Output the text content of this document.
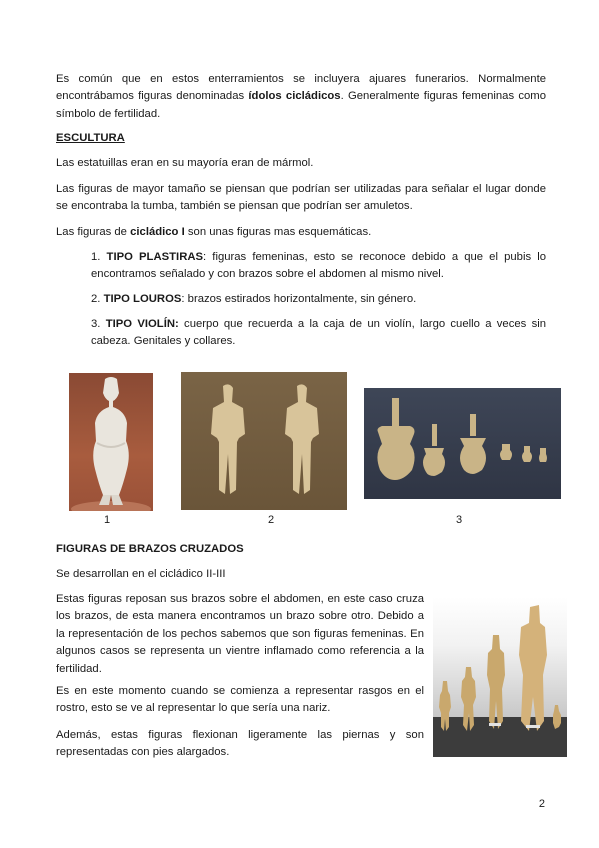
Es común que en estos enterramientos se incluyera ajuares funerarios. Normalmente encontrábamos figuras denominadas ídolos cicládicos. Generalmente figuras femeninas como símbolo de fertilidad.
ESCULTURA
Las estatuillas eran en su mayoría eran de mármol.
Las figuras de mayor tamaño se piensan que podrían ser utilizadas para señalar el lugar donde se encontraba la tumba, también se piensan que podrían ser amuletos.
Las figuras de cicládico I son unas figuras mas esquemáticas.
1. TIPO PLASTIRAS: figuras femeninas, esto se reconoce debido a que el pubis lo encontramos señalado y con brazos sobre el abdomen al mismo nivel.
2. TIPO LOUROS: brazos estirados horizontalmente, sin género.
3. TIPO VIOLÍN: cuerpo que recuerda a la caja de un violín, largo cuello a veces sin cabeza. Genitales y collares.
1	2	3
FIGURAS DE BRAZOS CRUZADOS
Se desarrollan en el cicládico II-III
Estas figuras reposan sus brazos sobre el abdomen, en este caso cruza los brazos, de esta manera encontramos un brazo sobre otro. Debido a la representación de los pechos sabemos que son figuras femeninas. En algunos casos se representa un vientre inflamado como referencia a la fertilidad.
Es en este momento cuando se comienza a representar rasgos en el rostro, esto se ve al representar lo que sería una nariz.
Además, estas figuras flexionan ligeramente las piernas y son representadas con pies alargados.
2
